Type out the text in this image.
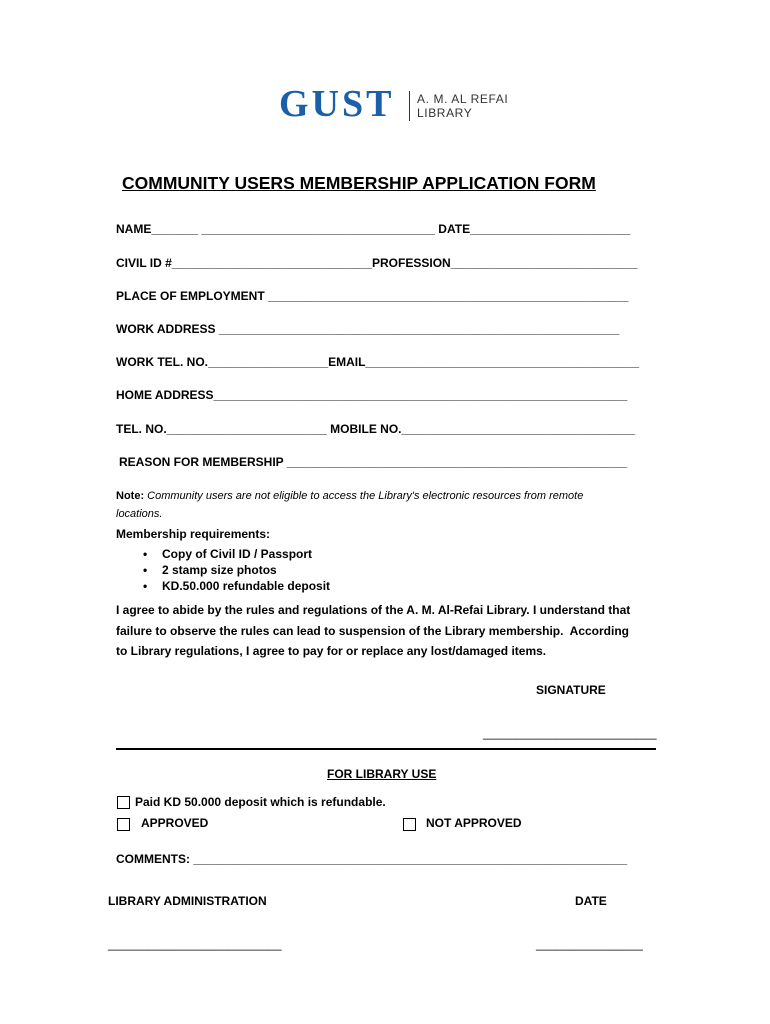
GUST A. M. AL REFAI
LIBRARY
COMMUNITY USERS MEMBERSHIP APPLICATION FORM
NAME_______ ___________________________________ DATE________________________
CIVIL ID #______________________________PROFESSION____________________________
PLACE OF EMPLOYMENT ______________________________________________________
WORK ADDRESS ____________________________________________________________
WORK TEL. NO.__________________EMAIL_________________________________________
HOME ADDRESS______________________________________________________________
TEL. NO.________________________ MOBILE NO.___________________________________
REASON FOR MEMBERSHIP ___________________________________________________
Note: Community users are not eligible to access the Library's electronic resources from remote
locations.
Membership requirements:
• Copy of Civil ID / Passport
• 2 stamp size photos
• KD.50.000 refundable deposit
I agree to abide by the rules and regulations of the A. M. Al-Refai Library. I understand that
failure to observe the rules can lead to suspension of the Library membership.  According
to Library regulations, I agree to pay for or replace any lost/damaged items.
SIGNATURE
__________________________
FOR LIBRARY USE
Paid KD 50.000 deposit which is refundable.
APPROVED	NOT APPROVED
COMMENTS: _________________________________________________________________
LIBRARY ADMINISTRATION	DATE
__________________________	________________
